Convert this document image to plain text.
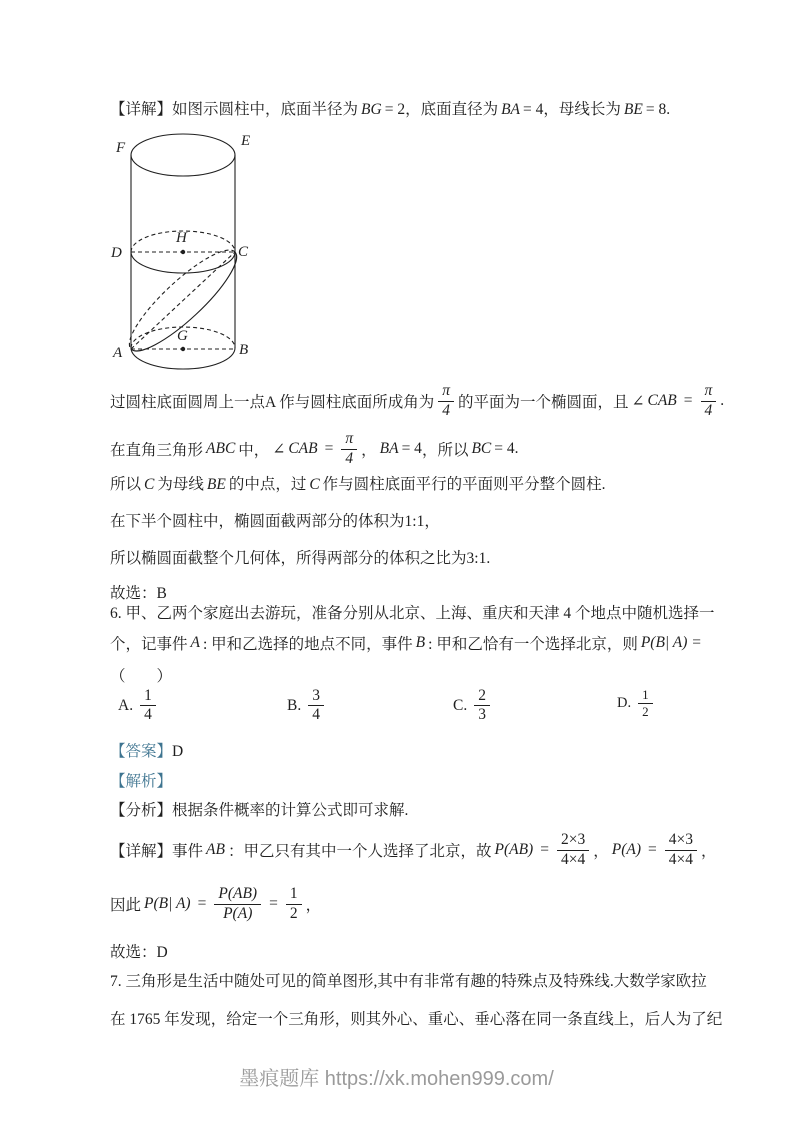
【详解】如图示圆柱中，底面半径为 BG = 2，底面直径为 BA = 4，母线长为 BE = 8.
F	E
D
H
C
A
G
B
过圆柱底面圆周上一点A 作与圆柱底面所成角为 $\frac{\pi}{4}$ 的平面为一个椭圆面，且 ∠ CAB = $\frac{\pi}{4}$ .
在直角三角形 ABC 中， ∠ CAB = $\frac{\pi}{4}$ ， BA = 4 ，所以 BC = 4 .
所以 C 为母线 BE 的中点，过 C 作与圆柱底面平行的平面则平分整个圆柱.
在下半个圆柱中，椭圆面截两部分的体积为1:1，
所以椭圆面截整个几何体，所得两部分的体积之比为3:1.
故选：B
6. 甲、乙两个家庭出去游玩，准备分别从北京、上海、重庆和天津 4 个地点中随机选择一
个，记事件 A : 甲和乙选择的地点不同，事件 B : 甲和乙恰有一个选择北京，则 P(B| A) =
（　　）
A. $\frac{1}{4}$	B. $\frac{3}{4}$	C. $\frac{2}{3}$	D. $\frac{1}{2}$
【答案】D
【解析】
【分析】根据条件概率的计算公式即可求解.
【详解】 事件 AB ：甲乙只有其中一个人选择了北京，故 $P(AB) = \frac{2\times 3}{4\times 4}$ ， $P(A) = \frac{4\times 3}{4\times 4}$ ，
因此 P(B| $A) = \frac{P(AB)}{P(A)} = \frac{1}{2}$ ，
故选：D
7. 三角形是生活中随处可见的简单图形,其中有非常有趣的特殊点及特殊线.大数学家欧拉
在 1765 年发现，给定一个三角形，则其外心、重心、垂心落在同一条直线上，后人为了纪
墨痕题库 https://xk.mohen999.com/
